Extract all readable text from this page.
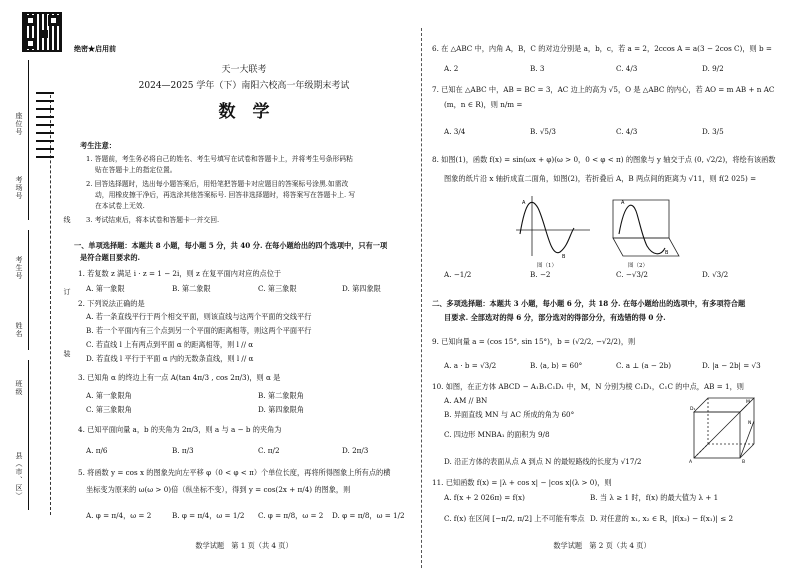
座位号
考场号
考生号
姓名
班级
县（市、区）
线
订
装
绝密★启用前
天一大联考
2024—2025 学年（下）南阳六校高一年级期末考试
数　学
考生注意：
1. 答题前，考生务必将自己的姓名、考生号填写在试卷和答题卡上，并将考生号条形码粘
贴在答题卡上的指定位置。
2. 回答选择题时，选出每小题答案后，用铅笔把答题卡对应题目的答案标号涂黑.如需改
动，用橡皮擦干净后，再选涂其他答案标号. 回答非选择题时，将答案写在答题卡上. 写
在本试卷上无效.
3. 考试结束后，将本试卷和答题卡一并交回.
一、单项选择题：本题共 8 小题，每小题 5 分，共 40 分. 在每小题给出的四个选项中，只有一项
是符合题目要求的.
1. 若复数 z 满足 i · z = 1 − 2i，则 z 在复平面内对应的点位于
A. 第一象限	B. 第二象限	C. 第三象限	D. 第四象限
2. 下列说法正确的是
A. 若一条直线平行于两个相交平面，则该直线与这两个平面的交线平行
B. 若一个平面内有三个点到另一个平面的距离相等，则这两个平面平行
C. 若直线 l 上有两点到平面 α 的距离相等，则 l // α
D. 若直线 l 平行于平面 α 内的无数条直线，则 l // α
3. 已知角 α 的终边上有一点 A(tan 4π/3 , cos 2π/3)，则 α 是
A. 第一象限角	B. 第二象限角
C. 第三象限角	D. 第四象限角
4. 已知平面向量 a，b 的夹角为 2π/3，则 a 与 a − b 的夹角为
A. π/6	B. π/3	C. π/2	D. 2π/3
5. 将函数 y = cos x 的图象先向左平移 φ（0 < φ < π）个单位长度，再将所得图象上所有点的横
坐标变为原来的 ω(ω > 0)倍（纵坐标不变），得到 y = cos(2x + π/4) 的图象，则
A. φ = π/4，ω = 2	B. φ = π/4，ω = 1/2 C. φ = π/8，ω = 2 D. φ = π/8，ω = 1/2
数学试题　第 1 页（共 4 页）
6. 在 △ABC 中，内角 A，B，C 的对边分别是 a，b，c，若 a = 2，2ccos A = a(3 − 2cos C)，则 b =
A. 2	B. 3	C. 4/3	D. 9/2
7. 已知在 △ABC 中，AB = BC = 3，AC 边上的高为 √5，O 是 △ABC 的内心，若 AO = m AB + n AC
(m，n ∈ R)，则 n/m =
A. 3/4	B. √5/3	C. 4/3	D. 3/5
8. 如图(1)，函数 f(x) = sin(ωx + φ)(ω > 0，0 < φ < π) 的图象与 y 轴交于点 (0, √2/2)，将绘有该函数
图象的纸片沿 x 轴折成直二面角，如图(2)，若折叠后 A，B 两点间的距离为 √11，则 f(2 025) =
A
B
图（1）
A
B
图（2）
A. −1/2	B. −2	C. −√3/2	D. √3/2
二、多项选择题：本题共 3 小题，每小题 6 分，共 18 分. 在每小题给出的选项中，有多项符合题
目要求. 全部选对的得 6 分，部分选对的得部分分，有选错的得 0 分.
9. 已知向量 a = (cos 15°, sin 15°)，b = (√2/2, −√2/2)，则
A. a · b = √3/2	B. ⟨a, b⟩ = 60°	C. a ⊥ (a − 2b)	D. |a − 2b| = √3
10. 如图，在正方体 ABCD − A₁B₁C₁D₁ 中，M，N 分别为棱 C₁D₁，C₁C 的中点，AB = 1，则
A. AM // BN
B. 异面直线 MN 与 AC 所成的角为 60°
C. 四边形 MNBA₁ 的面积为 9/8
D. 沿正方体的表面从点 A 到点 N 的最短路线的长度为 √17/2
D₁
A	B
M
N
11. 已知函数 f(x) = |λ + cos x| − |cos x|(λ > 0)，则
A. f(x + 2 026π) = f(x)	B. 当 λ ≥ 1 时，f(x) 的最大值为 λ + 1
C. f(x) 在区间 [−π/2, π/2] 上不可能有零点 D. 对任意的 x₁, x₂ ∈ R，|f(x₂) − f(x₁)| ≤ 2
数学试题　第 2 页（共 4 页）
